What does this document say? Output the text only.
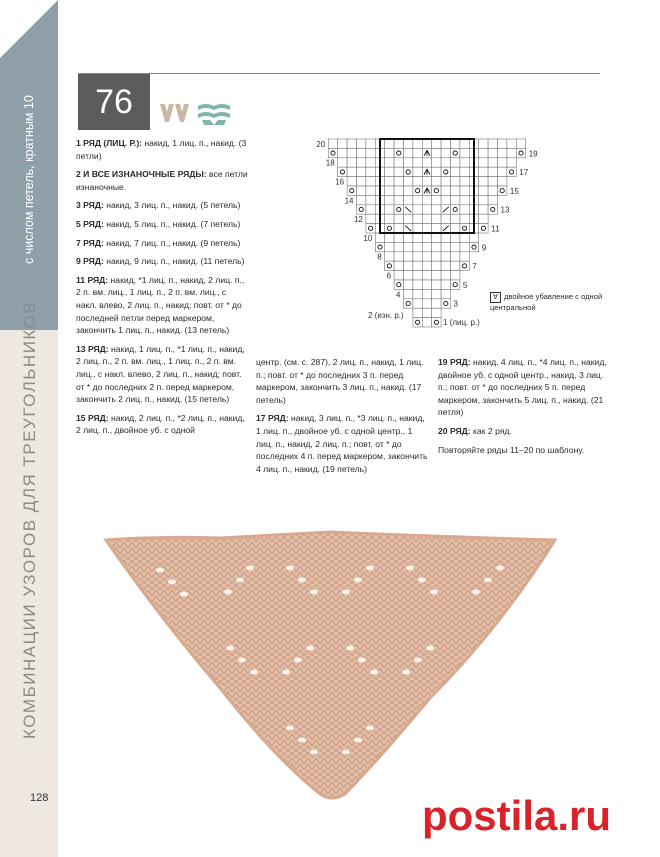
с числом петель, кратным 10
КОМБИНАЦИИ УЗОРОВ ДЛЯ ТРЕУГОЛЬНИКОВ
128
76

1 РЯД (ЛИЦ. Р.): накид, 1 лиц. п., накид. (3 петли)

2 И ВСЕ ИЗНАНОЧНЫЕ РЯДЫ: все петли изнаночные.

3 РЯД: накид, 3 лиц. п., накид. (5 петель)

5 РЯД: накид, 5 лиц. п., накид. (7 петель)

7 РЯД: накид, 7 лиц. п., накид. (9 петель)

9 РЯД: накид, 9 лиц. п., накид. (11 петель)

11 РЯД: накид, *1 лиц. п., накид, 2 лиц. п., 2 п. вм. лиц., 1 лиц. п., 2 п. вм. лиц., с накл. влево, 2 лиц. п., накид; повт. от * до последней петли перед маркером, закончить 1 лиц. п., накид. (13 петель)

13 РЯД: накид, 1 лиц. п., *1 лиц. п., накид, 2 лиц. п., 2 п. вм. лиц., 1 лиц. п., 2 п. вм. лиц., с накл. влево, 2 лиц. п., накид; повт. от * до последних 2 п. перед маркером, закончить 2 лиц. п., накид. (15 петель)

15 РЯД: накид, 2 лиц. п., *2 лиц. п., накид, 2 лиц. п., двойное уб. с одной

центр. (см. с. 287), 2 лиц. п., накид, 1 лиц. п.; повт. от * до последних 3 п. перед маркером, закончить 3 лиц. п., накид. (17 петель)

17 РЯД: накид, 3 лиц. п., *3 лиц. п., накид, 1 лиц. п., двойное уб. с одной центр., 1 лиц. п., накид, 2 лиц. п.; повт. от * до последних 4 п. перед маркером, закончить 4 лиц. п., накид. (19 петель)

19 РЯД: накид, 4 лиц. п., *4 лиц. п., накид, двойное уб. с одной центр., накид, 3 лиц. п.; повт. от * до последних 5 п. перед маркером, закончить 5 лиц. п., накид. (21 петля)

20 РЯД: как 2 ряд.

Повторяйте ряды 11–20 по шаблону.

20
19
18
17
16
15
14
13
12
11
10
9
8
7
6
5
4
3
2 (изн. р.)
1 (лиц. р.)
Ɐ двойное убавление с одной центральной
postila.ru
